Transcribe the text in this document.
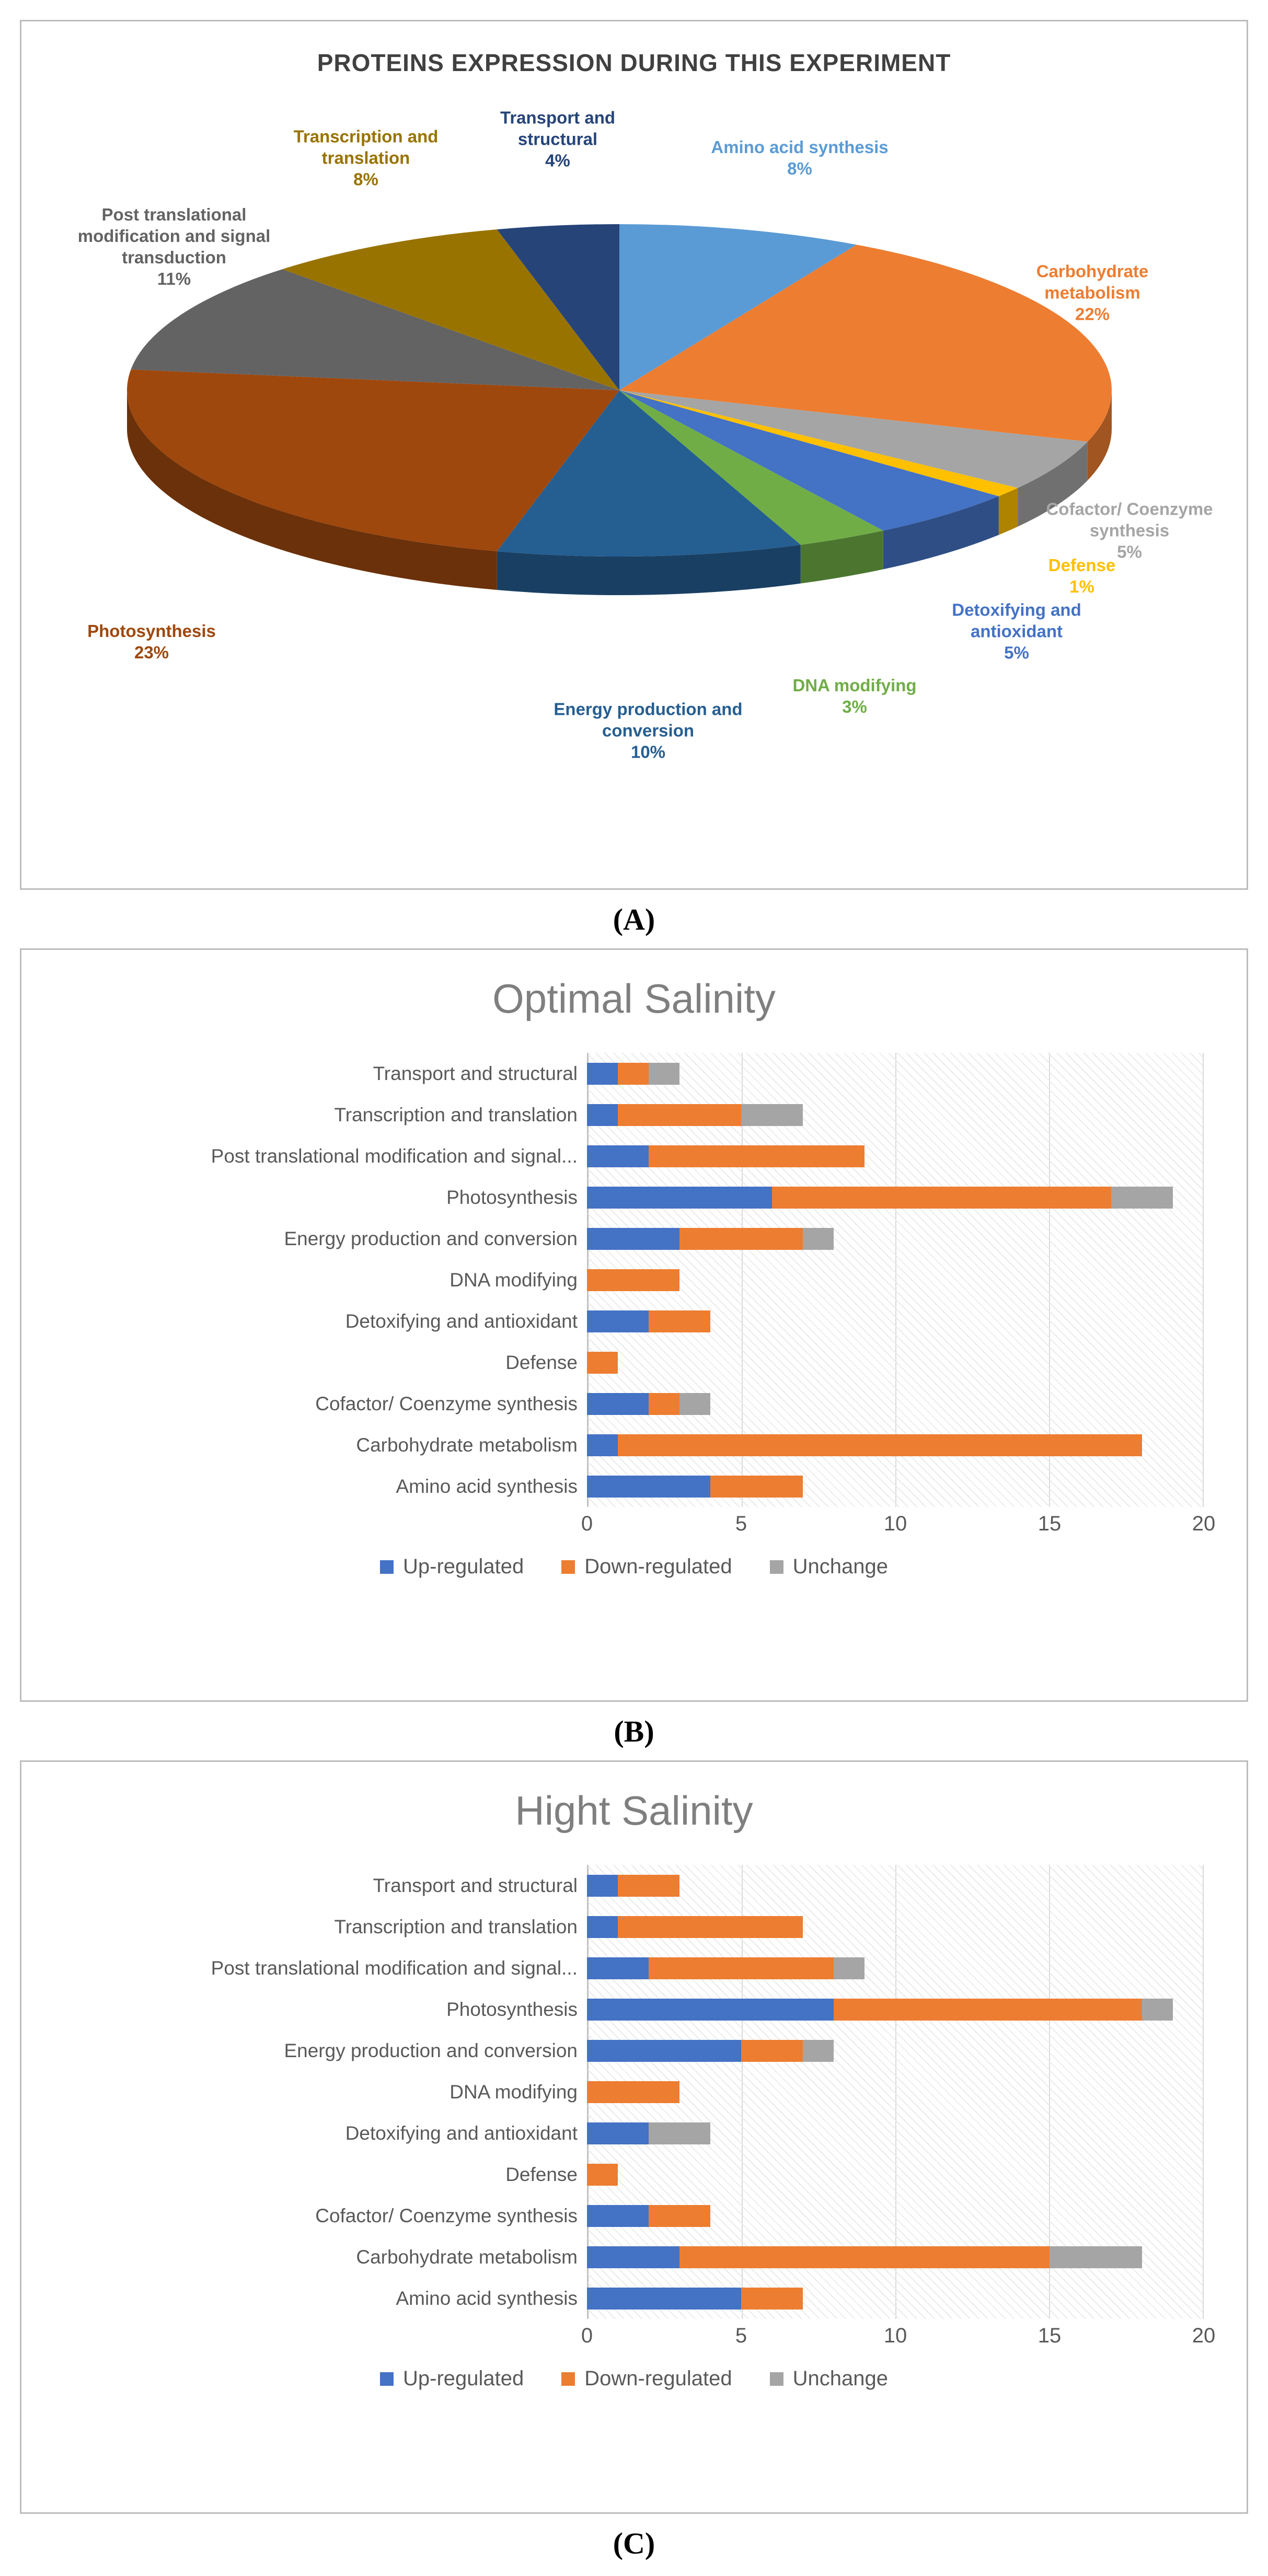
PROTEINS EXPRESSION DURING THIS EXPERIMENT
Amino acid synthesis
8%
Carbohydrate metabolism
22%
Cofactor/ Coenzyme synthesis
5%
Defense
1%
Detoxifying and antioxidant
5%
DNA modifying
3%
Energy production and conversion
10%
Photosynthesis
23%
Post translational modification and signal transduction
11%
Transcription and translation
8%
Transport and structural
4%
(A)
Optimal Salinity
Transport and structural
Transcription and translation
Post translational modification and signal...
Photosynthesis
Energy production and conversion
DNA modifying
Detoxifying and antioxidant
Defense
Cofactor/ Coenzyme synthesis
Carbohydrate metabolism
Amino acid synthesis
0	5	10	15	20
Up-regulated	Down-regulated	Unchange
(B)
Hight Salinity
Transport and structural
Transcription and translation
Post translational modification and signal...
Photosynthesis
Energy production and conversion
DNA modifying
Detoxifying and antioxidant
Defense
Cofactor/ Coenzyme synthesis
Carbohydrate metabolism
Amino acid synthesis
0	5	10	15	20
Up-regulated	Down-regulated	Unchange
(C)
